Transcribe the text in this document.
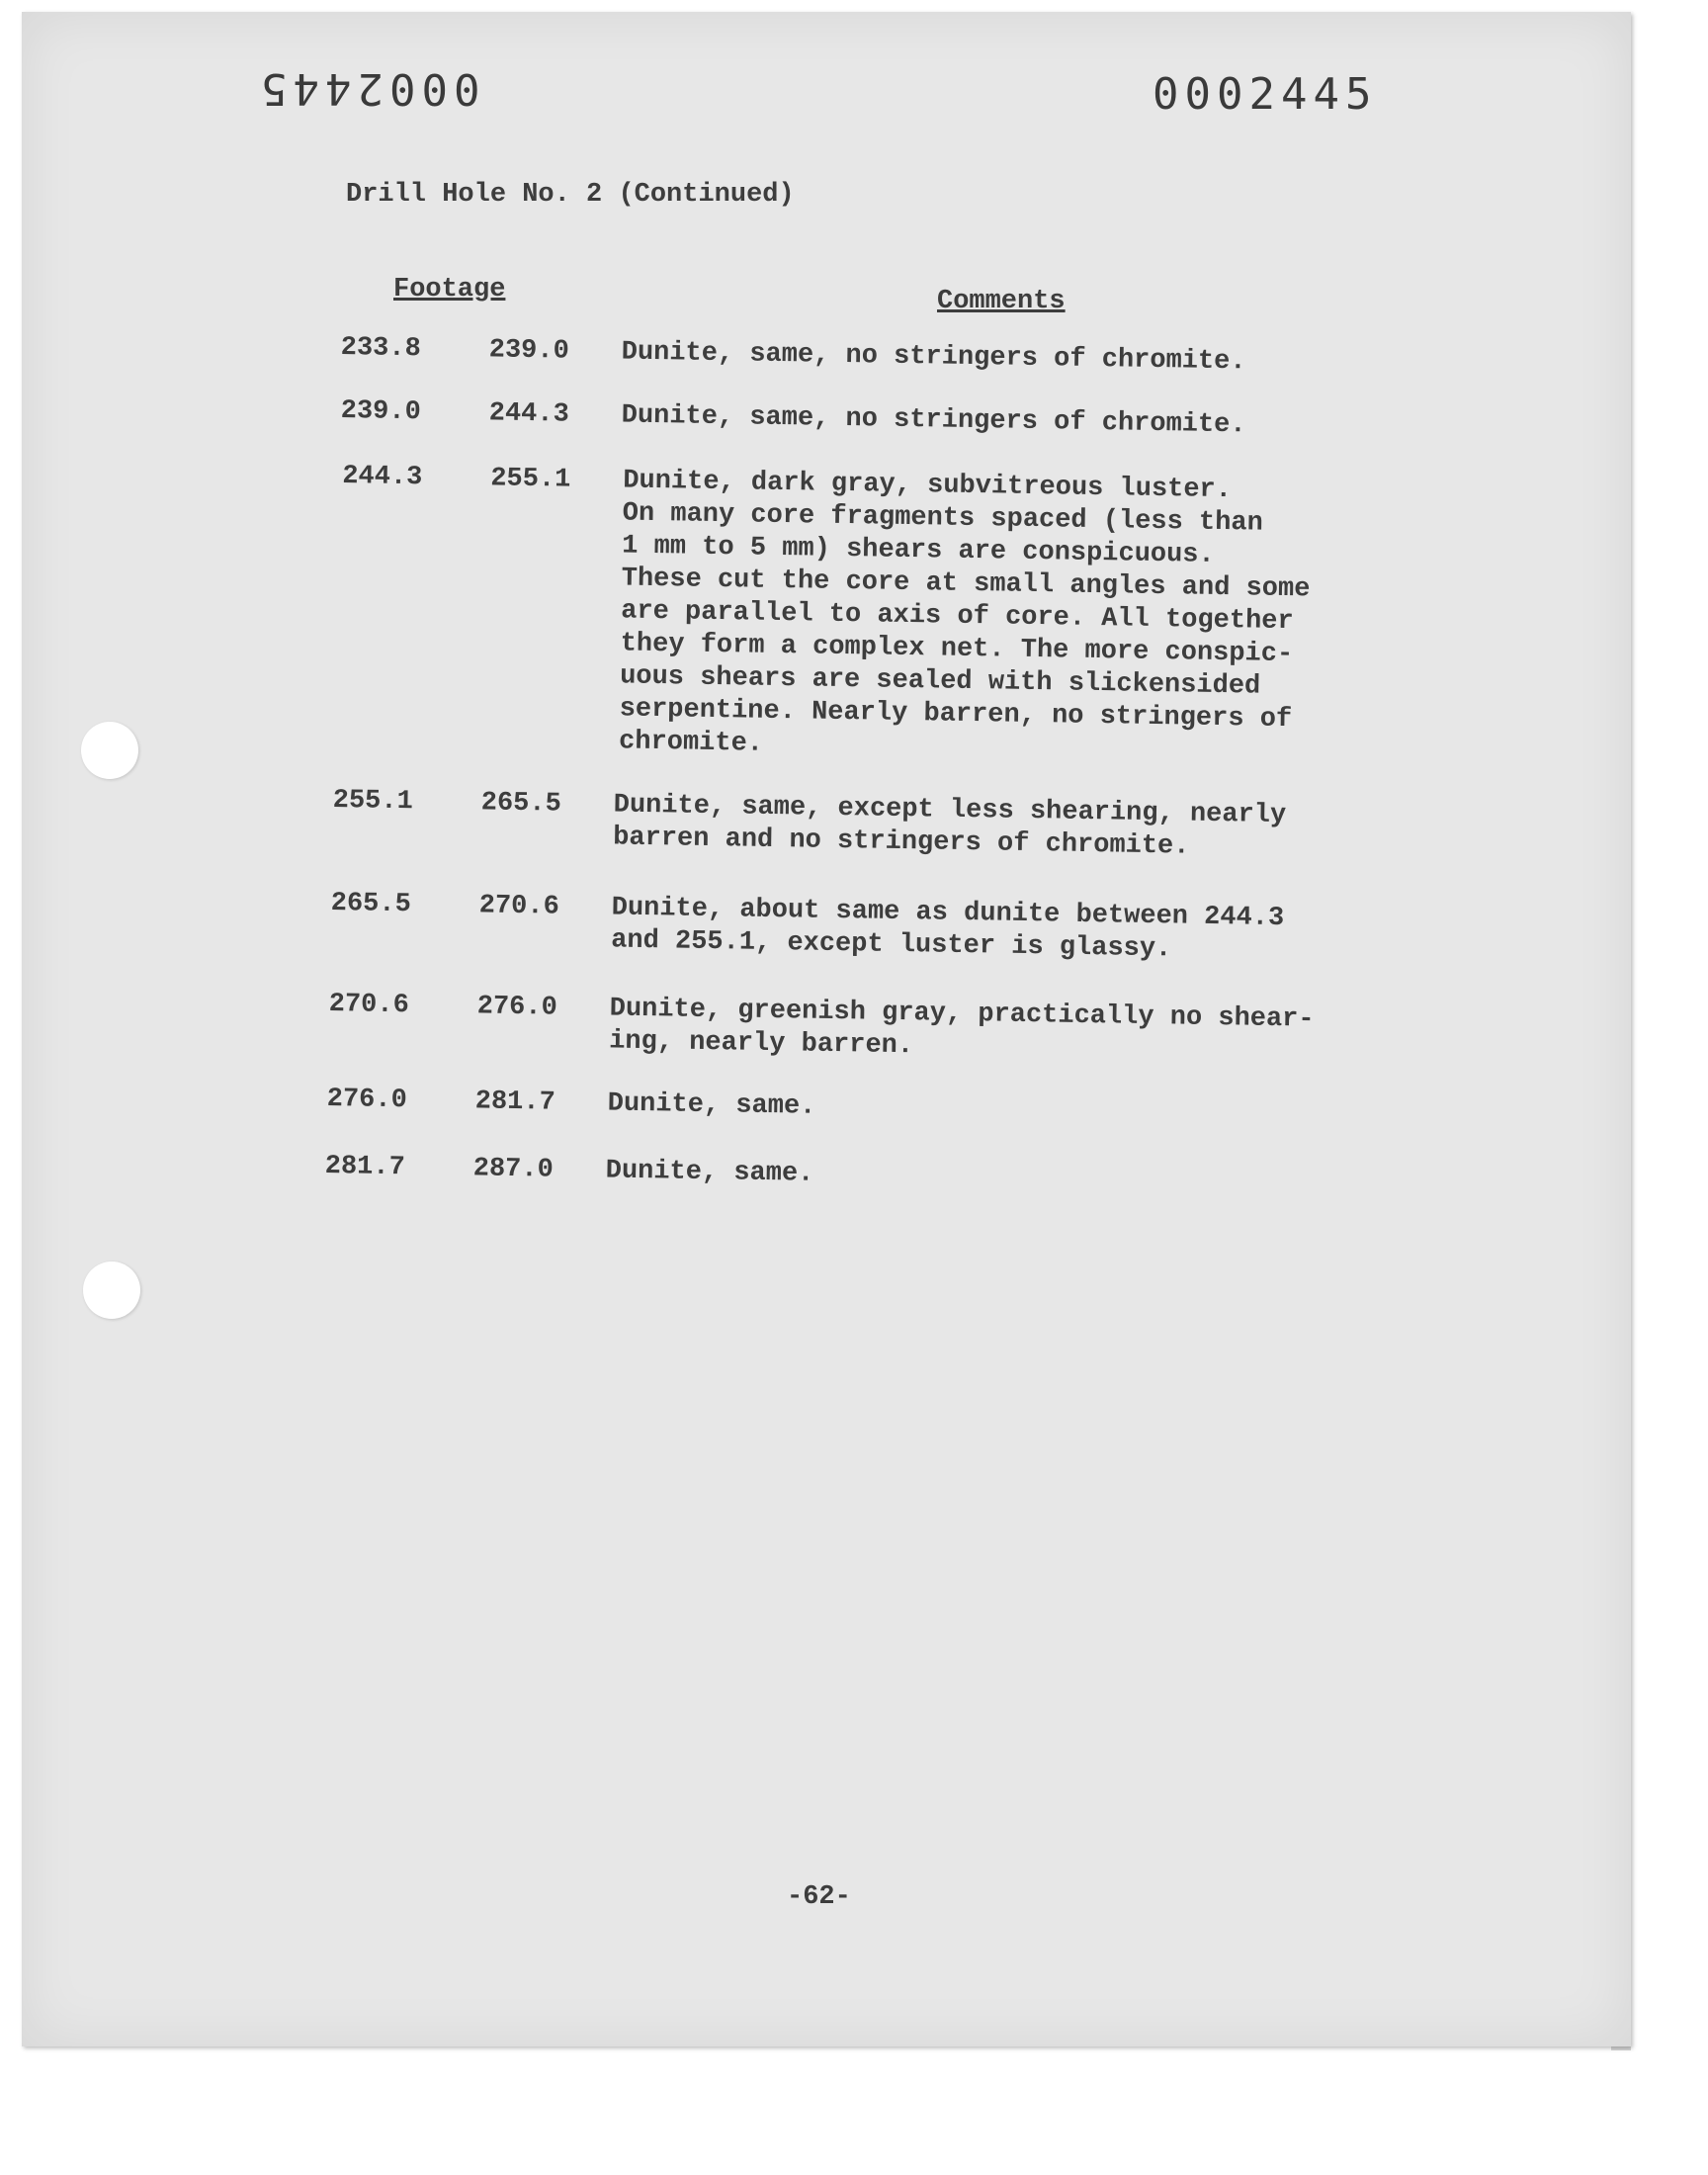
0002445	0002445
Drill Hole No. 2 (Continued)
Footage	Comments
233.8	239.0 Dunite, same, no stringers of chromite.
239.0	244.3 Dunite, same, no stringers of chromite.
244.3	255.1 Dunite, dark gray, subvitreous luster.
On many core fragments spaced (less than
1 mm to 5 mm) shears are conspicuous.
These cut the core at small angles and some
are parallel to axis of core. All together
they form a complex net. The more conspic-
uous shears are sealed with slickensided
serpentine. Nearly barren, no stringers of
chromite.
255.1	265.5 Dunite, same, except less shearing, nearly
barren and no stringers of chromite.
265.5	270.6 Dunite, about same as dunite between 244.3
and 255.1, except luster is glassy.
270.6	276.0 Dunite, greenish gray, practically no shear-
ing, nearly barren.
276.0	281.7 Dunite, same.
281.7	287.0 Dunite, same.
-62-
